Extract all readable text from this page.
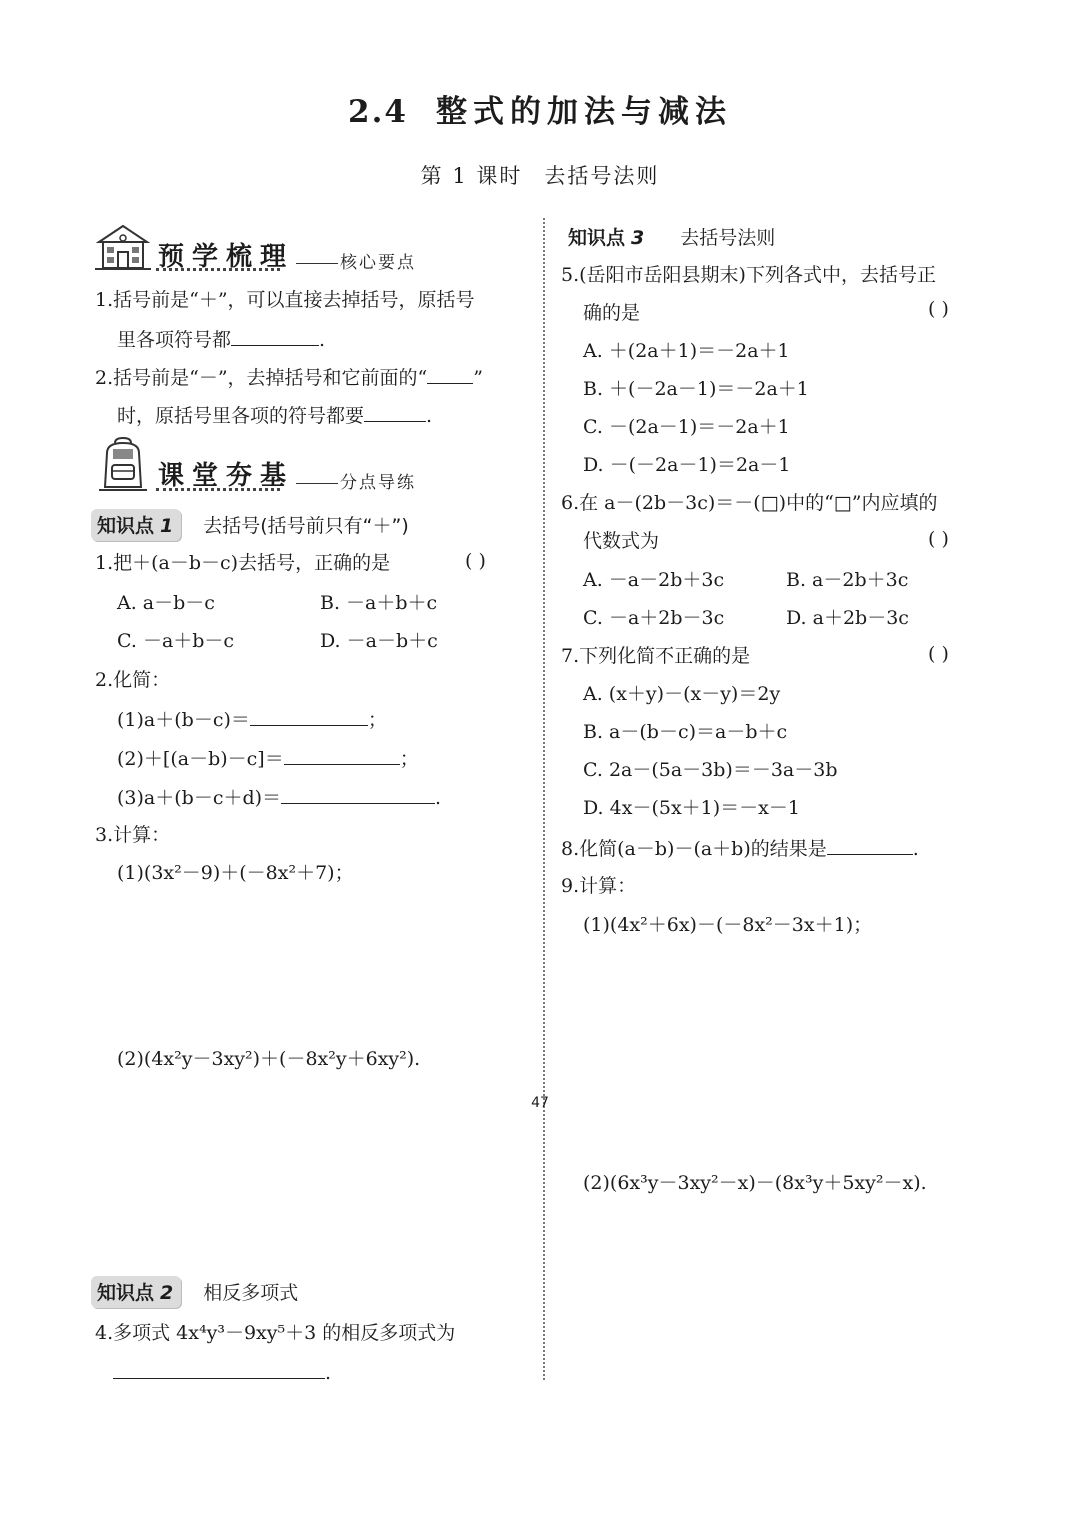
2.4 整式的加法与减法
第 1 课时 去括号法则
预学梳理	核心要点
1.括号前是“＋”，可以直接去掉括号，原括号
里各项符号都	.
2.括号前是“－”，去掉括号和它前面的“ ”
时，原括号里各项的符号都要	.
课堂夯基	分点导练
知识点 1 去括号(括号前只有“＋”)
1.把＋(a－b－c)去括号，正确的是	( )
A. a－b－c	B. －a＋b＋c
C. －a＋b－c	D. －a－b＋c
2.化简：
(1)a＋(b－c)＝	；
(2)＋[(a－b)－c]＝	；
(3)a＋(b－c＋d)＝	.
3.计算：
(1)(3x²－9)＋(－8x²＋7)；
(2)(4x²y－3xy²)＋(－8x²y＋6xy²).
知识点 2 相反多项式
4.多项式 4x⁴y³－9xy⁵＋3 的相反多项式为
.
知识点 3 去括号法则
5.(岳阳市岳阳县期末)下列各式中，去括号正
确的是	( )
A. ＋(2a＋1)＝－2a＋1
B. ＋(－2a－1)＝－2a＋1
C. －(2a－1)＝－2a＋1
D. －(－2a－1)＝2a－1
6.在 a－(2b－3c)＝－(□)中的“□”内应填的
代数式为	( )
A. －a－2b＋3c	B. a－2b＋3c
C. －a＋2b－3c	D. a＋2b－3c
7.下列化简不正确的是	( )
A. (x＋y)－(x－y)＝2y
B. a－(b－c)＝a－b＋c
C. 2a－(5a－3b)＝－3a－3b
D. 4x－(5x＋1)＝－x－1
8.化简(a－b)－(a＋b)的结果是	.
9.计算：
(1)(4x²＋6x)－(－8x²－3x＋1)；
(2)(6x³y－3xy²－x)－(8x³y＋5xy²－x).
47
